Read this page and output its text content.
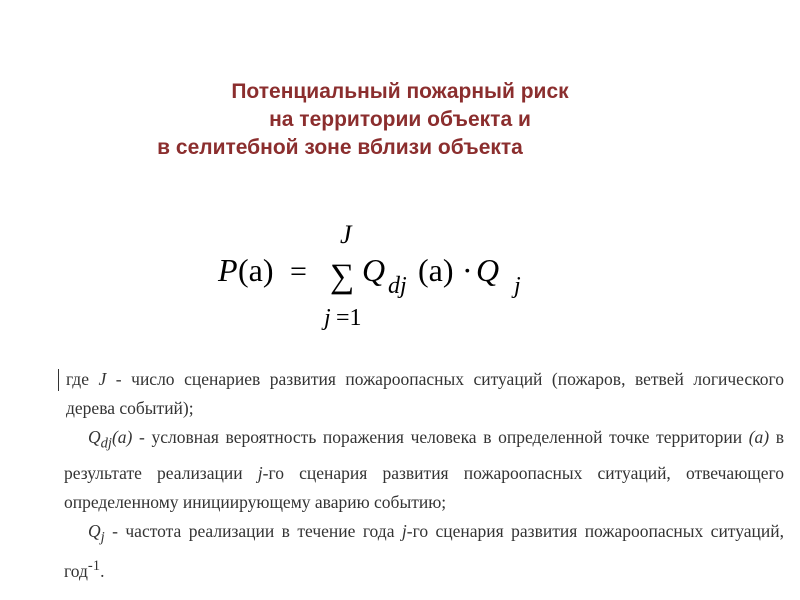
Потенциальный пожарный риск
на территории объекта и
в селитебной зоне вблизи объекта
P (a) =
J
∑
j =1
Q dj (a) · Q j

где J - число сценариев развития пожароопасных ситуаций (пожаров, ветвей логического дерева событий);

$Q_{dj}(a)$ - условная вероятность поражения человека в определенной точке территории (a) в результате реализации j-го сценария развития пожароопасных ситуаций, отвечающего определенному инициирующему аварию событию;

$Q_j$ - частота реализации в течение года j-го сценария развития пожароопасных ситуаций, год$^{-1}$.
